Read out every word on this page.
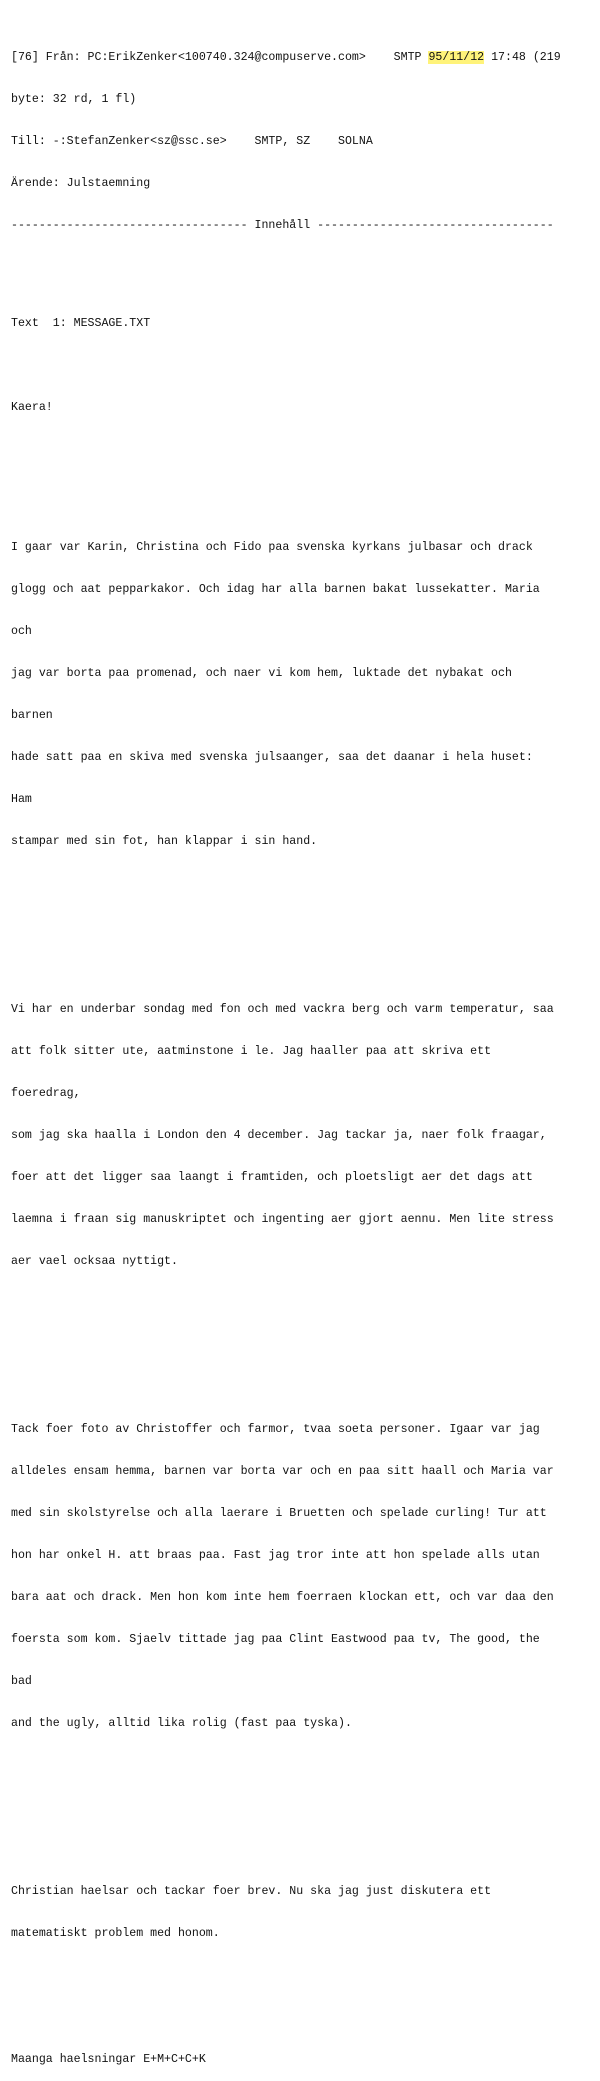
[76] Från: PC:ErikZenker<100740.324@compuserve.com>    SMTP 95/11/12 17:48 (219

byte: 32 rd, 1 fl)

Till: -:StefanZenker<sz@ssc.se>    SMTP, SZ    SOLNA

Ärende: Julstaemning

---------------------------------- Innehåll ----------------------------------

Text  1: MESSAGE.TXT

Kaera!

I gaar var Karin, Christina och Fido paa svenska kyrkans julbasar och drack

glogg och aat pepparkakor. Och idag har alla barnen bakat lussekatter. Maria

och

jag var borta paa promenad, och naer vi kom hem, luktade det nybakat och

barnen

hade satt paa en skiva med svenska julsaanger, saa det daanar i hela huset:

Ham

stampar med sin fot, han klappar i sin hand.

Vi har en underbar sondag med fon och med vackra berg och varm temperatur, saa

att folk sitter ute, aatminstone i le. Jag haaller paa att skriva ett

foeredrag,

som jag ska haalla i London den 4 december. Jag tackar ja, naer folk fraagar,

foer att det ligger saa laangt i framtiden, och ploetsligt aer det dags att

laemna i fraan sig manuskriptet och ingenting aer gjort aennu. Men lite stress

aer vael ocksaa nyttigt.

Tack foer foto av Christoffer och farmor, tvaa soeta personer. Igaar var jag

alldeles ensam hemma, barnen var borta var och en paa sitt haall och Maria var

med sin skolstyrelse och alla laerare i Bruetten och spelade curling! Tur att

hon har onkel H. att braas paa. Fast jag tror inte att hon spelade alls utan

bara aat och drack. Men hon kom inte hem foerraen klockan ett, och var daa den

foersta som kom. Sjaelv tittade jag paa Clint Eastwood paa tv, The good, the

bad

and the ugly, alltid lika rolig (fast paa tyska).

Christian haelsar och tackar foer brev. Nu ska jag just diskutera ett

matematiskt problem med honom.

Maanga haelsningar E+M+C+C+K
